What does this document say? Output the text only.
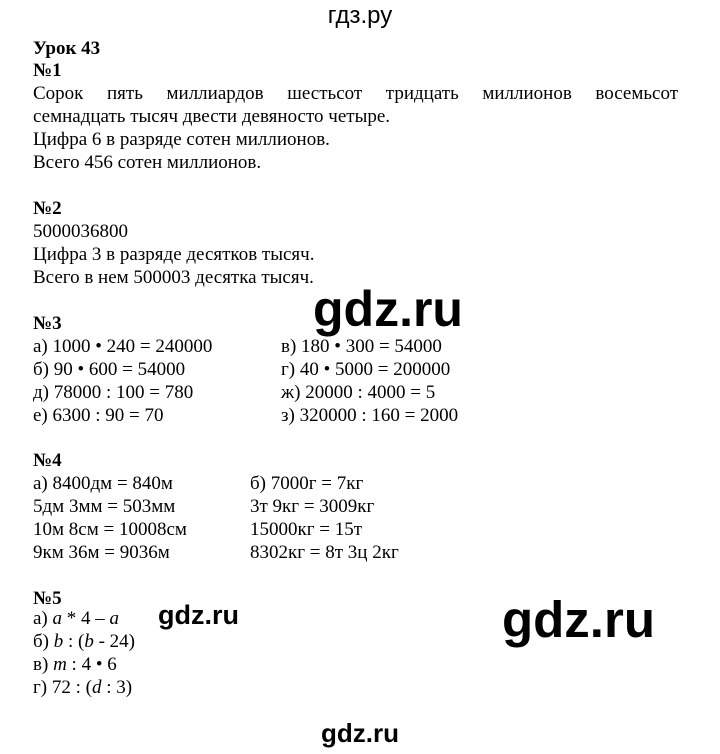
гдз.ру
Урок 43
№1
Сорок пять миллиардов шестьсот тридцать миллионов восемьсот
семнадцать тысяч двести девяносто четыре.
Цифра 6 в разряде сотен миллионов.
Всего 456 сотен миллионов.
№2
5000036800
Цифра 3 в разряде десятков тысяч.
Всего в нем 500003 десятка тысяч.
gdz.ru
№3
а) 1000 • 240 = 240000
б) 90 • 600 = 54000
д) 78000 : 100 = 780
е) 6300 : 90 = 70
в) 180 • 300 = 54000
г) 40 • 5000 = 200000
ж) 20000 : 4000 = 5
з) 320000 : 160 = 2000
№4
а) 8400дм = 840м
5дм 3мм = 503мм
10м 8см = 10008см
9км 36м = 9036м
б) 7000г = 7кг
3т 9кг = 3009кг
15000кг = 15т
8302кг = 8т 3ц 2кг
№5
а) a * 4 – a
б) b : (b - 24)
в) m : 4 • 6
г) 72 : (d : 3)
gdz.ru	gdz.ru
gdz.ru
